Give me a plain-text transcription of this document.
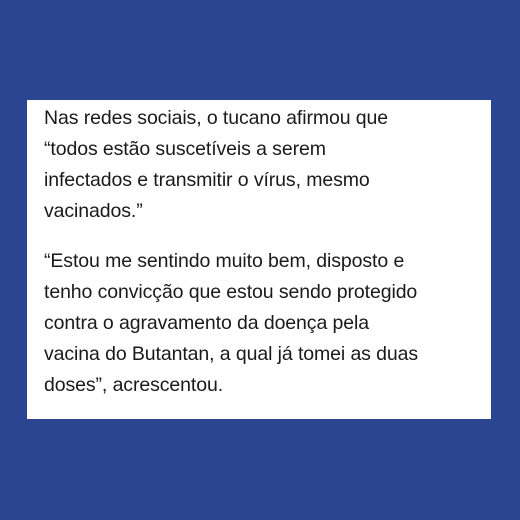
Nas redes sociais, o tucano afirmou que
“todos estão suscetíveis a serem
infectados e transmitir o vírus, mesmo
vacinados.”

“Estou me sentindo muito bem, disposto e
tenho convicção que estou sendo protegido
contra o agravamento da doença pela
vacina do Butantan, a qual já tomei as duas
doses”, acrescentou.
